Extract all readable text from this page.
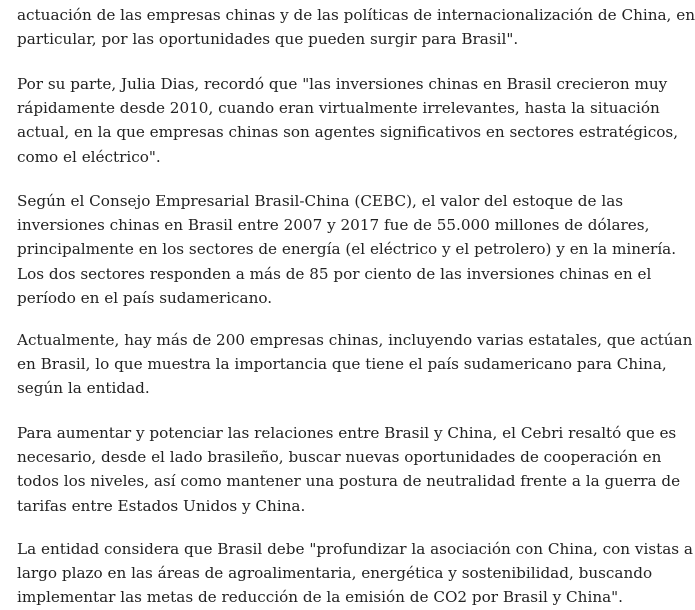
actuación de las empresas chinas y de las políticas de internacionalización de China, en
particular, por las oportunidades que pueden surgir para Brasil".

Por su parte, Julia Dias, recordó que "las inversiones chinas en Brasil crecieron muy
rápidamente desde 2010, cuando eran virtualmente irrelevantes, hasta la situación
actual, en la que empresas chinas son agentes significativos en sectores estratégicos,
como el eléctrico".

Según el Consejo Empresarial Brasil-China (CEBC), el valor del estoque de las
inversiones chinas en Brasil entre 2007 y 2017 fue de 55.000 millones de dólares,
principalmente en los sectores de energía (el eléctrico y el petrolero) y en la minería.
Los dos sectores responden a más de 85 por ciento de las inversiones chinas en el
período en el país sudamericano.

Actualmente, hay más de 200 empresas chinas, incluyendo varias estatales, que actúan
en Brasil, lo que muestra la importancia que tiene el país sudamericano para China,
según la entidad.

Para aumentar y potenciar las relaciones entre Brasil y China, el Cebri resaltó que es
necesario, desde el lado brasileño, buscar nuevas oportunidades de cooperación en
todos los niveles, así como mantener una postura de neutralidad frente a la guerra de
tarifas entre Estados Unidos y China.

La entidad considera que Brasil debe "profundizar la asociación con China, con vistas a
largo plazo en las áreas de agroalimentaria, energética y sostenibilidad, buscando
implementar las metas de reducción de la emisión de CO2 por Brasil y China".
